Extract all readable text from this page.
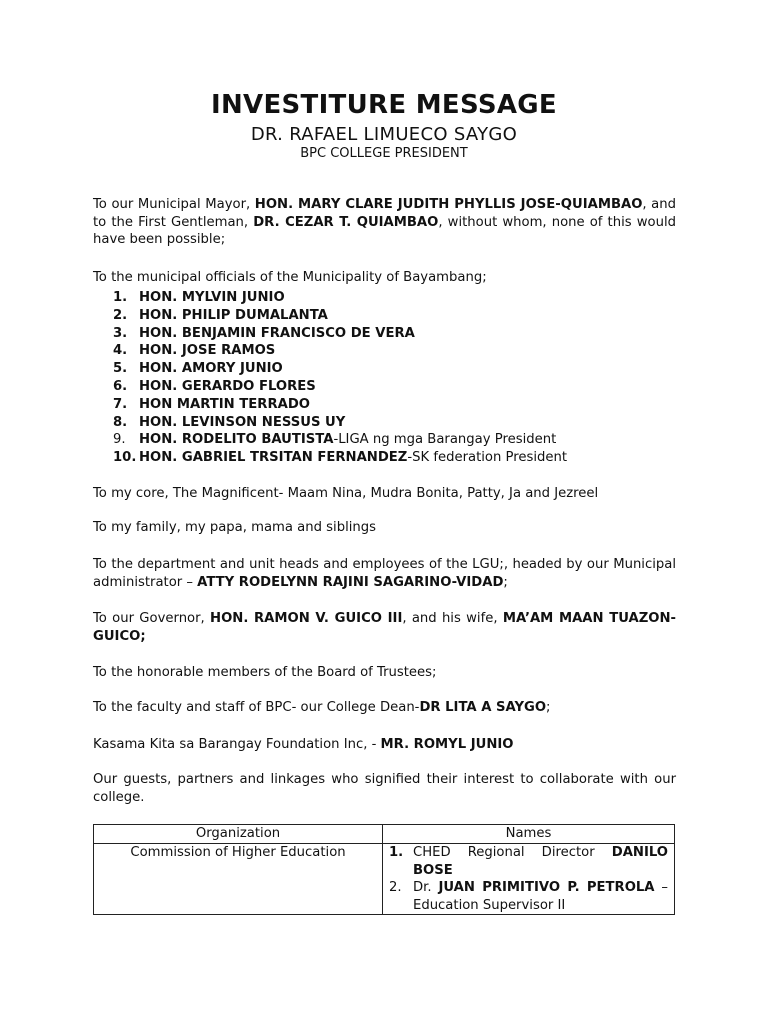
INVESTITURE MESSAGE
DR. RAFAEL LIMUECO SAYGO
BPC COLLEGE PRESIDENT
To our Municipal Mayor, HON. MARY CLARE JUDITH PHYLLIS JOSE-QUIAMBAO, and to the First Gentleman, DR. CEZAR T. QUIAMBAO, without whom, none of this would have been possible;
To the municipal officials of the Municipality of Bayambang;
1. HON. MYLVIN JUNIO
2. HON. PHILIP DUMALANTA
3. HON. BENJAMIN FRANCISCO DE VERA
4. HON. JOSE RAMOS
5. HON. AMORY JUNIO
6. HON. GERARDO FLORES
7. HON MARTIN TERRADO
8. HON. LEVINSON NESSUS UY
9.	HON. RODELITO BAUTISTA -LIGA ng mga Barangay President
10. HON. GABRIEL TRSITAN FERNANDEZ -SK federation President
To my core, The Magnificent- Maam Nina, Mudra Bonita, Patty, Ja and Jezreel
To my family, my papa, mama and siblings
To the department and unit heads and employees of the LGU;, headed by our Municipal administrator – ATTY RODELYNN RAJINI SAGARINO-VIDAD;
To our Governor, HON. RAMON V. GUICO III, and his wife, MA’AM MAAN TUAZON-GUICO;
To the honorable members of the Board of Trustees;
To the faculty and staff of BPC- our College Dean-DR LITA A SAYGO;
Kasama Kita sa Barangay Foundation Inc, - MR. ROMYL JUNIO
Our guests, partners and linkages who signified their interest to collaborate with our college.
Organization	Names
Commission of Higher Education	1. CHED Regional Director DANILO BOSE
2. Dr. JUAN PRIMITIVO P. PETROLA – Education Supervisor II
